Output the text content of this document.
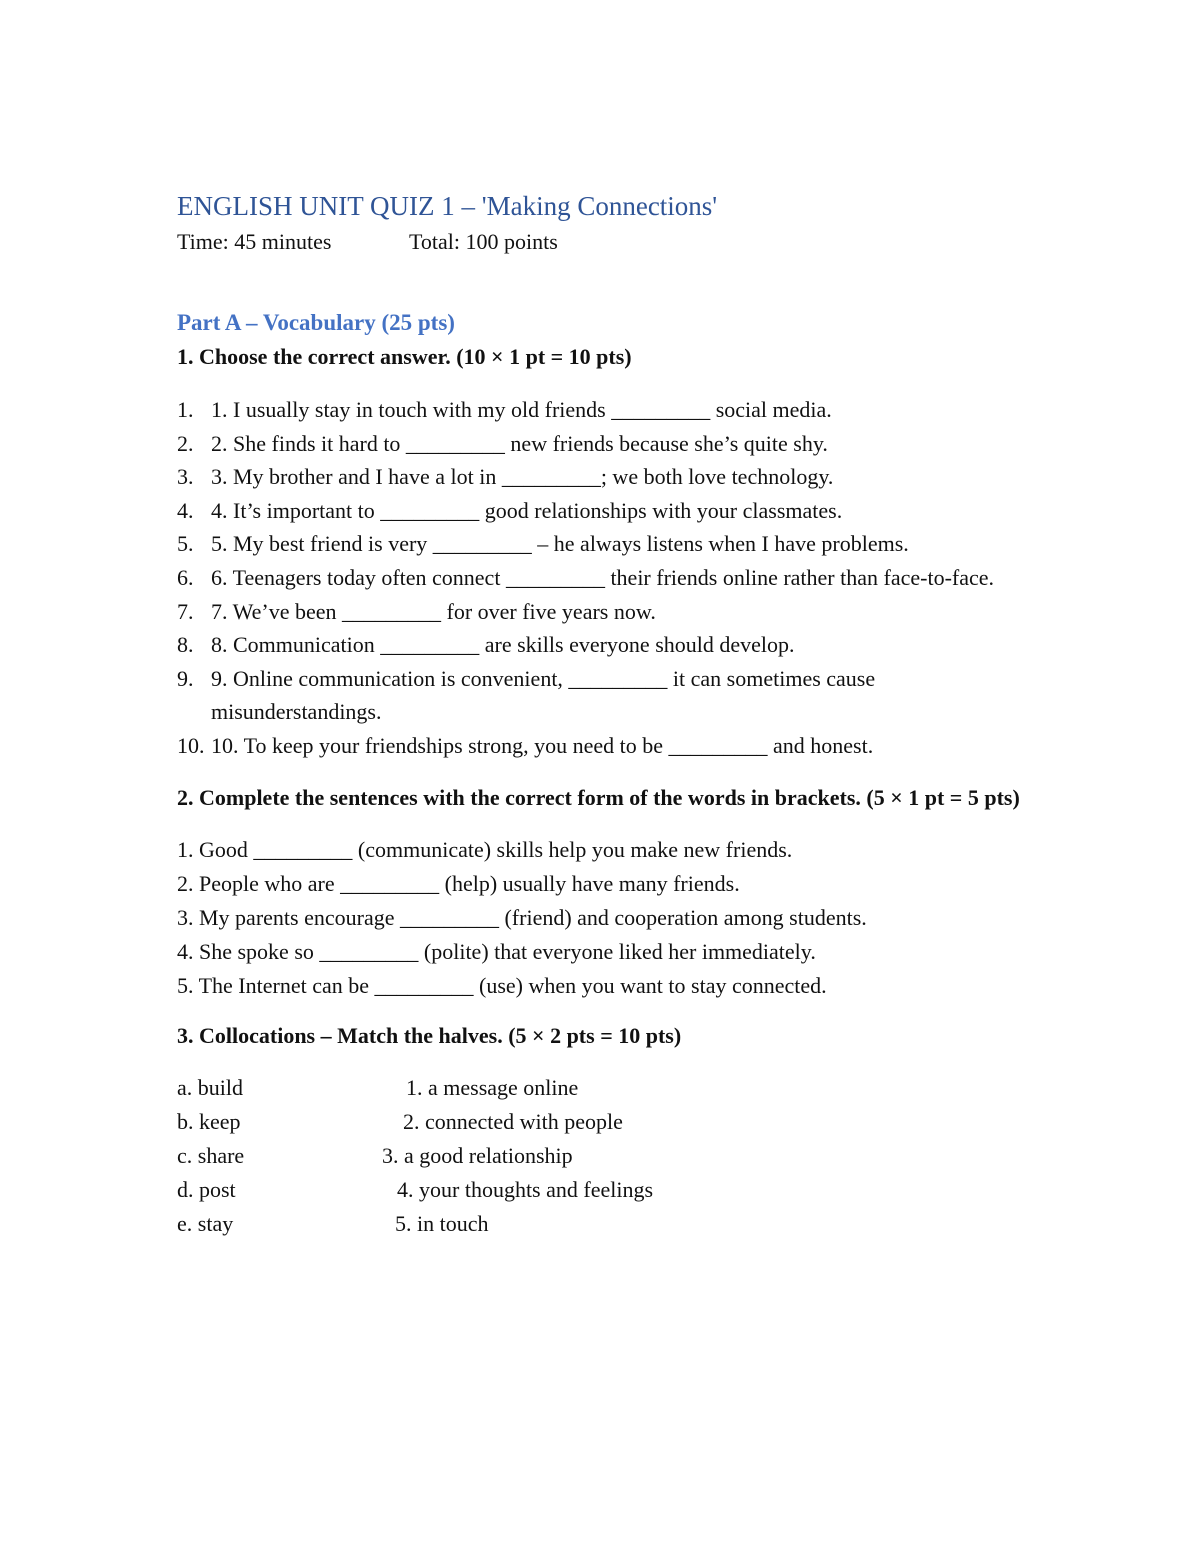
ENGLISH UNIT QUIZ 1 – 'Making Connections'

Time: 45 minutes	Total: 100 points

Part A – Vocabulary (25 pts)

1. Choose the correct answer. (10 × 1 pt = 10 pts)

1. 1. I usually stay in touch with my old friends _________ social media.
2. 2. She finds it hard to _________ new friends because she’s quite shy.
3. 3. My brother and I have a lot in _________; we both love technology.
4. 4. It’s important to _________ good relationships with your classmates.
5. 5. My best friend is very _________ – he always listens when I have problems.
6. 6. Teenagers today often connect _________ their friends online rather than face-to-face.
7. 7. We’ve been _________ for over five years now.
8. 8. Communication _________ are skills everyone should develop.
9. 9. Online communication is convenient, _________ it can sometimes cause misunderstandings.
10. 10. To keep your friendships strong, you need to be _________ and honest.

2. Complete the sentences with the correct form of the words in brackets. (5 × 1 pt = 5 pts)

1. Good _________ (communicate) skills help you make new friends.
2. People who are _________ (help) usually have many friends.
3. My parents encourage _________ (friend) and cooperation among students.
4. She spoke so _________ (polite) that everyone liked her immediately.
5. The Internet can be _________ (use) when you want to stay connected.

3. Collocations – Match the halves. (5 × 2 pts = 10 pts)

a. build	1. a message online
b. keep	2. connected with people
c. share	3. a good relationship
d. post	4. your thoughts and feelings
e. stay	5. in touch
